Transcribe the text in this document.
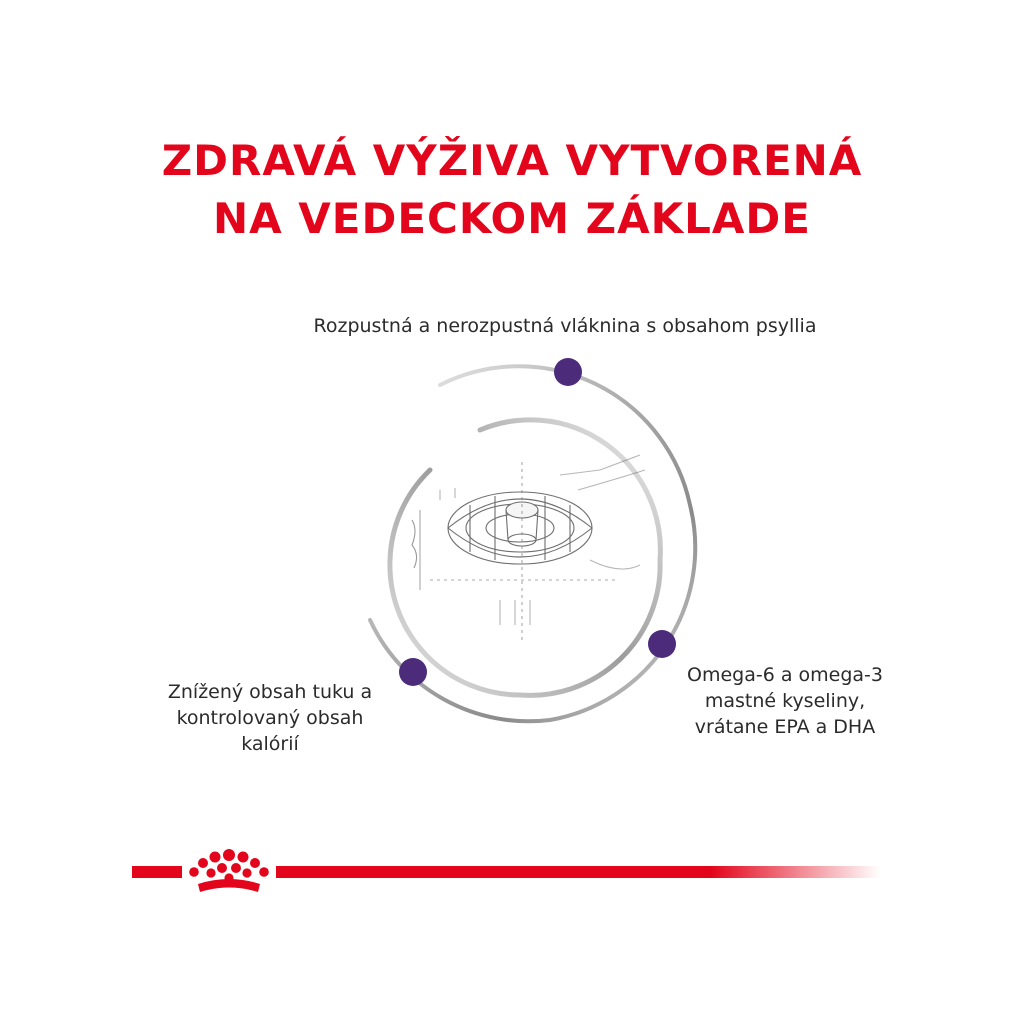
ZDRAVÁ VÝŽIVA VYTVORENÁ
NA VEDECKOM ZÁKLADE
Rozpustná a nerozpustná vláknina s obsahom psyllia
Znížený obsah tuku a
kontrolovaný obsah
kalórií
Omega-6 a omega-3
mastné kyseliny,
vrátane EPA a DHA
